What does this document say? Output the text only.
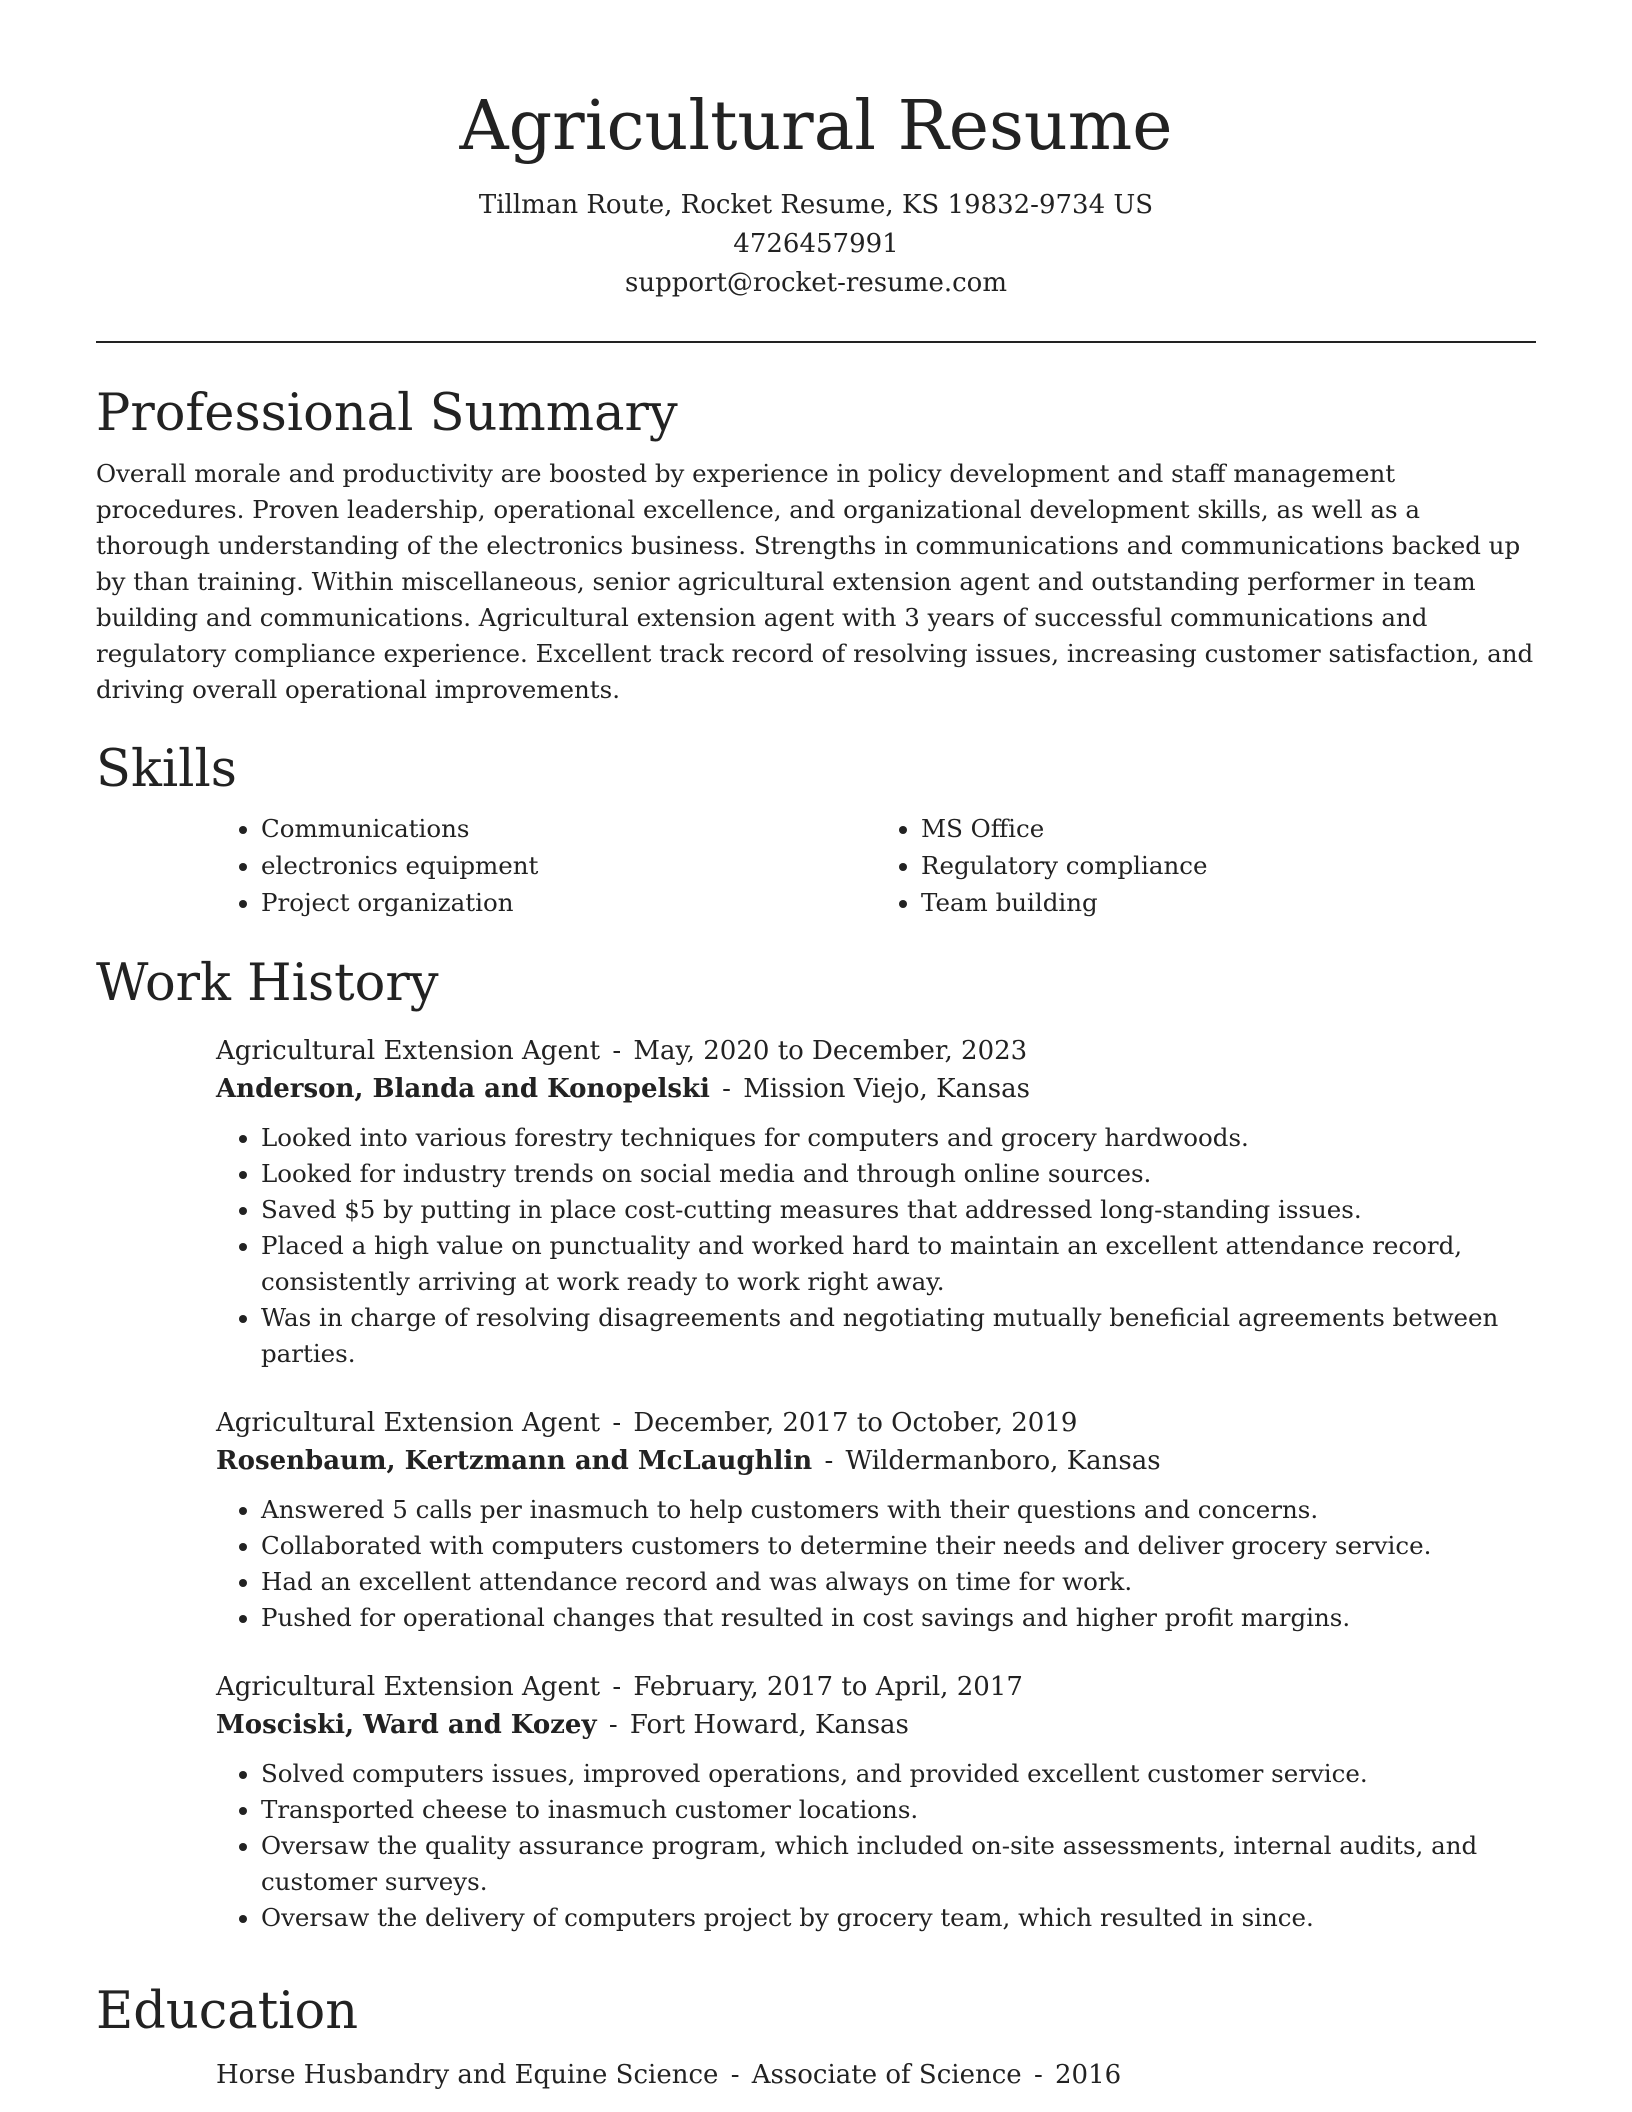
Agricultural Resume
Tillman Route, Rocket Resume, KS 19832-9734 US
4726457991
support@rocket-resume.com
Professional Summary

Overall morale and productivity are boosted by experience in policy development and staff management procedures. Proven leadership, operational excellence, and organizational development skills, as well as a thorough understanding of the electronics business. Strengths in communications and communications backed up by than training. Within miscellaneous, senior agricultural extension agent and outstanding performer in team building and communications. Agricultural extension agent with 3 years of successful communications and regulatory compliance experience. Excellent track record of resolving issues, increasing customer satisfaction, and driving overall operational improvements.

Skills
• Communications
• electronics equipment
• Project organization
• MS Office
• Regulatory compliance
• Team building
Work History
Agricultural Extension Agent - May, 2020 to December, 2023
Anderson, Blanda and Konopelski - Mission Viejo, Kansas
• Looked into various forestry techniques for computers and grocery hardwoods.
• Looked for industry trends on social media and through online sources.
• Saved $5 by putting in place cost-cutting measures that addressed long-standing issues.
• Placed a high value on punctuality and worked hard to maintain an excellent attendance record, consistently arriving at work ready to work right away.
• Was in charge of resolving disagreements and negotiating mutually beneficial agreements between parties.
Agricultural Extension Agent - December, 2017 to October, 2019
Rosenbaum, Kertzmann and McLaughlin - Wildermanboro, Kansas
• Answered 5 calls per inasmuch to help customers with their questions and concerns.
• Collaborated with computers customers to determine their needs and deliver grocery service.
• Had an excellent attendance record and was always on time for work.
• Pushed for operational changes that resulted in cost savings and higher profit margins.
Agricultural Extension Agent - February, 2017 to April, 2017
Mosciski, Ward and Kozey - Fort Howard, Kansas
• Solved computers issues, improved operations, and provided excellent customer service.
• Transported cheese to inasmuch customer locations.
• Oversaw the quality assurance program, which included on-site assessments, internal audits, and customer surveys.
• Oversaw the delivery of computers project by grocery team, which resulted in since.
Education
Horse Husbandry and Equine Science - Associate of Science - 2016
